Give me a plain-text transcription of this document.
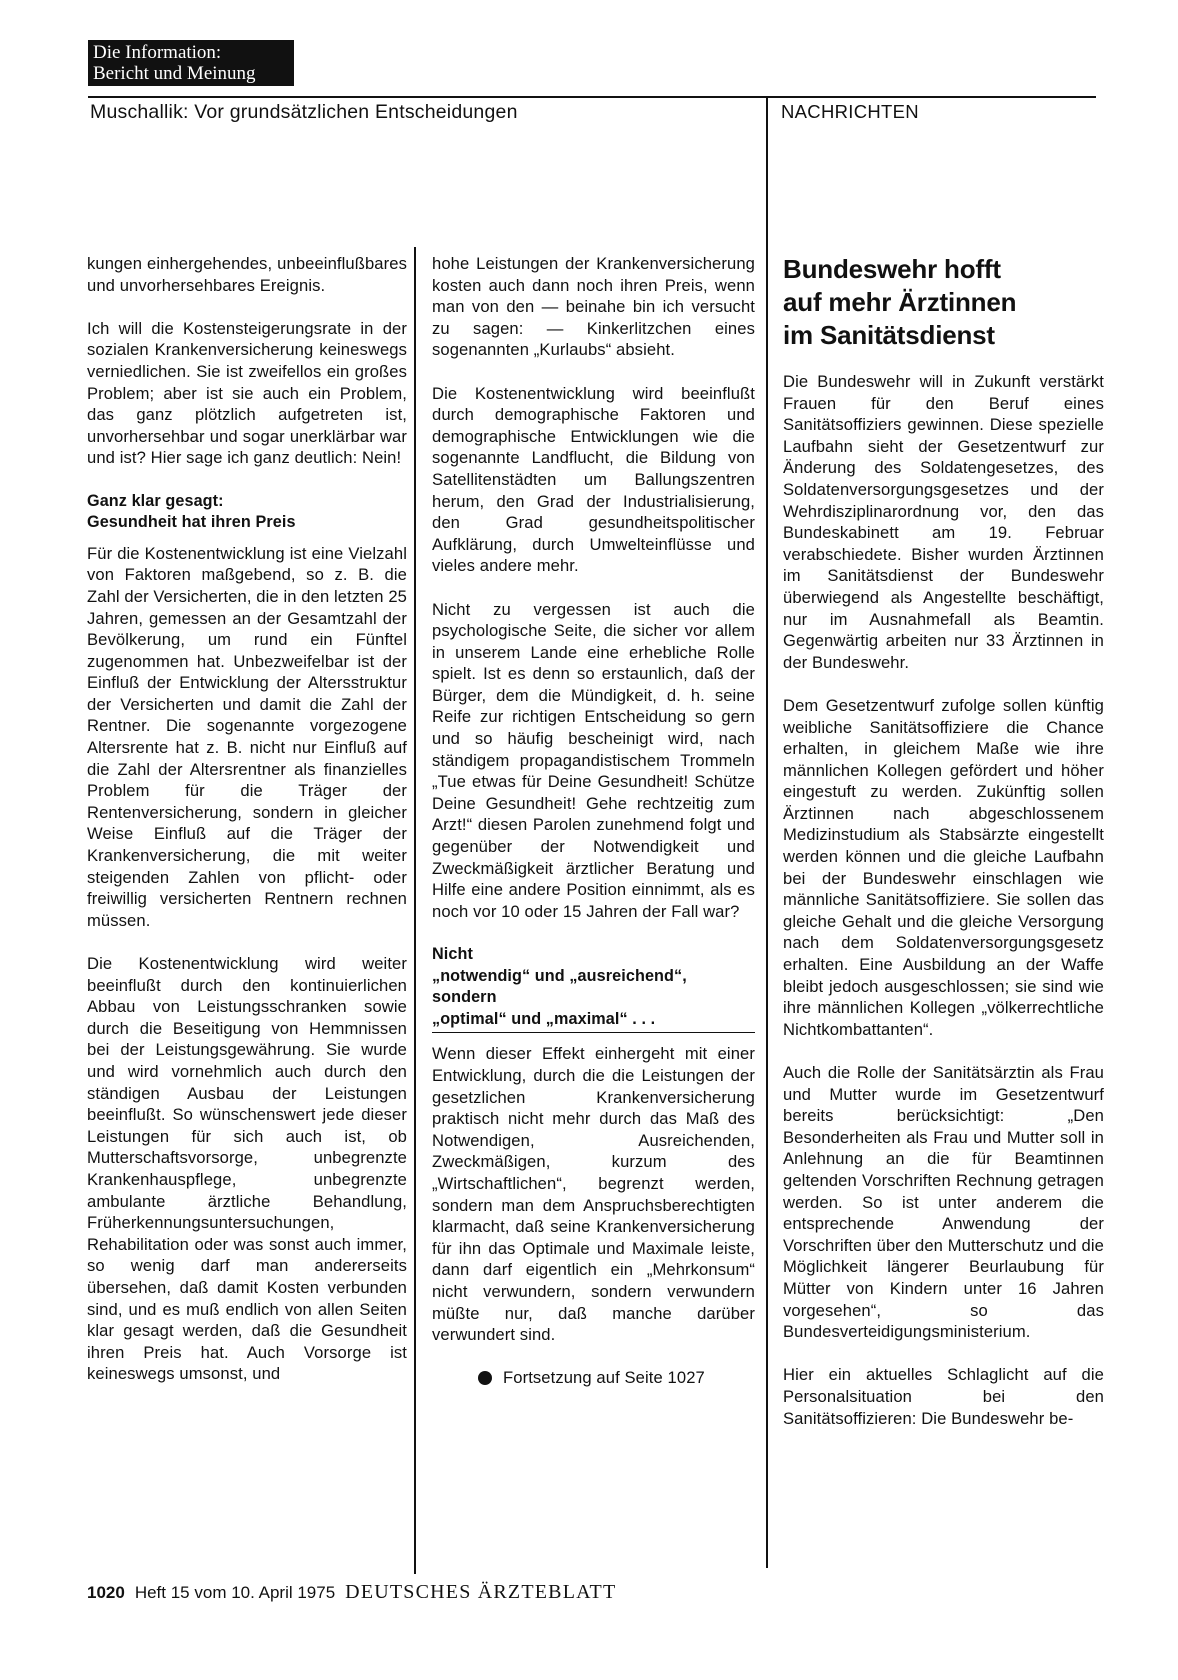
Die Information:
Bericht und Meinung
Muschallik: Vor grundsätzlichen Entscheidungen	NACHRICHTEN

kungen einhergehendes, unbeeinflußbares und unvorhersehbares Ereignis.

Ich will die Kostensteigerungsrate in der sozialen Krankenversicherung keineswegs verniedlichen. Sie ist zweifellos ein großes Problem; aber ist sie auch ein Problem, das ganz plötzlich aufgetreten ist, unvorhersehbar und sogar unerklärbar war und ist? Hier sage ich ganz deutlich: Nein!

Ganz klar gesagt:
Gesundheit hat ihren Preis

Für die Kostenentwicklung ist eine Vielzahl von Faktoren maßgebend, so z. B. die Zahl der Versicherten, die in den letzten 25 Jahren, gemessen an der Gesamtzahl der Bevölkerung, um rund ein Fünftel zugenommen hat. Unbezweifelbar ist der Einfluß der Entwicklung der Altersstruktur der Versicherten und damit die Zahl der Rentner. Die sogenannte vorgezogene Altersrente hat z. B. nicht nur Einfluß auf die Zahl der Altersrentner als finanzielles Problem für die Träger der Rentenversicherung, sondern in gleicher Weise Einfluß auf die Träger der Krankenversicherung, die mit weiter steigenden Zahlen von pflicht- oder freiwillig versicherten Rentnern rechnen müssen.

Die Kostenentwicklung wird weiter beeinflußt durch den kontinuierlichen Abbau von Leistungsschranken sowie durch die Beseitigung von Hemmnissen bei der Leistungsgewährung. Sie wurde und wird vornehmlich auch durch den ständigen Ausbau der Leistungen beeinflußt. So wünschenswert jede dieser Leistungen für sich auch ist, ob Mutterschaftsvorsorge, unbegrenzte Krankenhauspflege, unbegrenzte ambulante ärztliche Behandlung, Früherkennungsuntersuchungen, Rehabilitation oder was sonst auch immer, so wenig darf man andererseits übersehen, daß damit Kosten verbunden sind, und es muß endlich von allen Seiten klar gesagt werden, daß die Gesundheit ihren Preis hat. Auch Vorsorge ist keineswegs umsonst, und

hohe Leistungen der Krankenversicherung kosten auch dann noch ihren Preis, wenn man von den — beinahe bin ich versucht zu sagen: — Kinkerlitzchen eines sogenannten „Kurlaubs“ absieht.

Die Kostenentwicklung wird beeinflußt durch demographische Faktoren und demographische Entwicklungen wie die sogenannte Landflucht, die Bildung von Satellitenstädten um Ballungszentren herum, den Grad der Industrialisierung, den Grad gesundheitspolitischer Aufklärung, durch Umwelteinflüsse und vieles andere mehr.

Nicht zu vergessen ist auch die psychologische Seite, die sicher vor allem in unserem Lande eine erhebliche Rolle spielt. Ist es denn so erstaunlich, daß der Bürger, dem die Mündigkeit, d. h. seine Reife zur richtigen Entscheidung so gern und so häufig bescheinigt wird, nach ständigem propagandistischem Trommeln „Tue etwas für Deine Gesundheit! Schütze Deine Gesundheit! Gehe rechtzeitig zum Arzt!“ diesen Parolen zunehmend folgt und gegenüber der Notwendigkeit und Zweckmäßigkeit ärztlicher Beratung und Hilfe eine andere Position einnimmt, als es noch vor 10 oder 15 Jahren der Fall war?

Nicht
„notwendig“ und „ausreichend“,
sondern
„optimal“ und „maximal“ . . .

Wenn dieser Effekt einhergeht mit einer Entwicklung, durch die die Leistungen der gesetzlichen Krankenversicherung praktisch nicht mehr durch das Maß des Notwendigen, Ausreichenden, Zweckmäßigen, kurzum des „Wirtschaftlichen“, begrenzt werden, sondern man dem Anspruchsberechtigten klarmacht, daß seine Krankenversicherung für ihn das Optimale und Maximale leiste, dann darf eigentlich ein „Mehrkonsum“ nicht verwundern, sondern verwundern müßte nur, daß manche darüber verwundert sind.

Fortsetzung auf Seite 1027
Bundeswehr hofft
auf mehr Ärztinnen
im Sanitätsdienst

Die Bundeswehr will in Zukunft verstärkt Frauen für den Beruf eines Sanitätsoffiziers gewinnen. Diese spezielle Laufbahn sieht der Gesetzentwurf zur Änderung des Soldatengesetzes, des Soldatenversorgungsgesetzes und der Wehrdisziplinarordnung vor, den das Bundeskabinett am 19. Februar verabschiedete. Bisher wurden Ärztinnen im Sanitätsdienst der Bundeswehr überwiegend als Angestellte beschäftigt, nur im Ausnahmefall als Beamtin. Gegenwärtig arbeiten nur 33 Ärztinnen in der Bundeswehr.

Dem Gesetzentwurf zufolge sollen künftig weibliche Sanitätsoffiziere die Chance erhalten, in gleichem Maße wie ihre männlichen Kollegen gefördert und höher eingestuft zu werden. Zukünftig sollen Ärztinnen nach abgeschlossenem Medizinstudium als Stabsärzte eingestellt werden können und die gleiche Laufbahn bei der Bundeswehr einschlagen wie männliche Sanitätsoffiziere. Sie sollen das gleiche Gehalt und die gleiche Versorgung nach dem Soldatenversorgungsgesetz erhalten. Eine Ausbildung an der Waffe bleibt jedoch ausgeschlossen; sie sind wie ihre männlichen Kollegen „völkerrechtliche Nichtkombattanten“.

Auch die Rolle der Sanitätsärztin als Frau und Mutter wurde im Gesetzentwurf bereits berücksichtigt: „Den Besonderheiten als Frau und Mutter soll in Anlehnung an die für Beamtinnen geltenden Vorschriften Rechnung getragen werden. So ist unter anderem die entsprechende Anwendung der Vorschriften über den Mutterschutz und die Möglichkeit längerer Beurlaubung für Mütter von Kindern unter 16 Jahren vorgesehen“, so das Bundesverteidigungsministerium.

Hier ein aktuelles Schlaglicht auf die Personalsituation bei den Sanitätsoffizieren: Die Bundeswehr be-

1020 Heft 15 vom 10. April 1975 DEUTSCHES ÄRZTEBLATT
